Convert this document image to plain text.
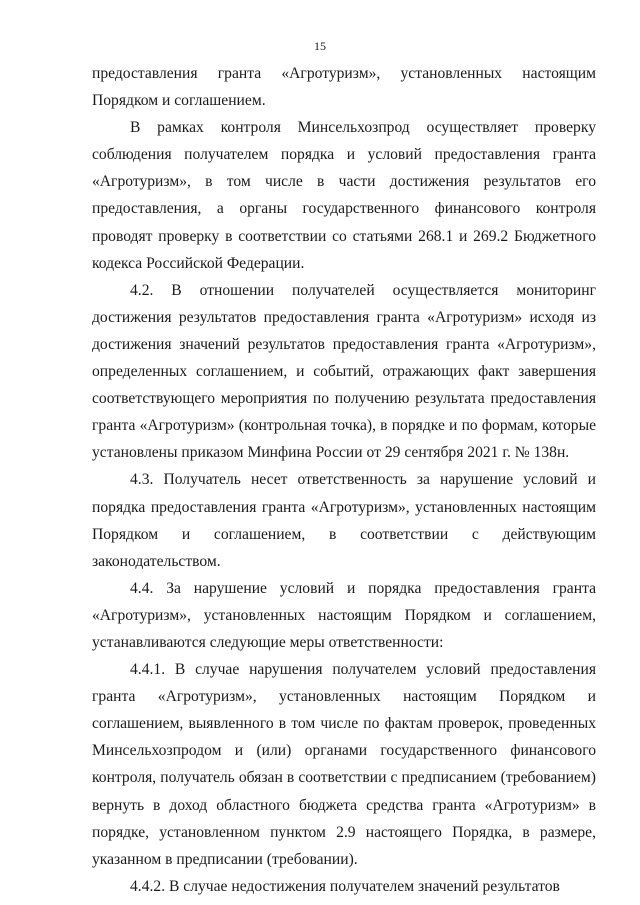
15

предоставления гранта «Агротуризм», установленных настоящим Порядком и соглашением.

В рамках контроля Минсельхозпрод осуществляет проверку соблюдения получателем порядка и условий предоставления гранта «Агротуризм», в том числе в части достижения результатов его предоставления, а органы государственного финансового контроля проводят проверку в соответствии со статьями 268.1 и 269.2 Бюджетного кодекса Российской Федерации.

4.2. В отношении получателей осуществляется мониторинг достижения результатов предоставления гранта «Агротуризм» исходя из достижения значений результатов предоставления гранта «Агротуризм», определенных соглашением, и событий, отражающих факт завершения соответствующего мероприятия по получению результата предоставления гранта «Агротуризм» (контрольная точка), в порядке и по формам, которые установлены приказом Минфина России от 29 сентября 2021 г. № 138н.

4.3. Получатель несет ответственность за нарушение условий и порядка предоставления гранта «Агротуризм», установленных настоящим Порядком и соглашением, в соответствии с действующим законодательством.

4.4. За нарушение условий и порядка предоставления гранта «Агротуризм», установленных настоящим Порядком и соглашением, устанавливаются следующие меры ответственности:

4.4.1. В случае нарушения получателем условий предоставления гранта «Агротуризм», установленных настоящим Порядком и соглашением, выявленного в том числе по фактам проверок, проведенных Минсельхозпродом и (или) органами государственного финансового контроля, получатель обязан в соответствии с предписанием (требованием) вернуть в доход областного бюджета средства гранта «Агротуризм» в порядке, установленном пунктом 2.9 настоящего Порядка, в размере, указанном в предписании (требовании).

4.4.2. В случае недостижения получателем значений результатов
